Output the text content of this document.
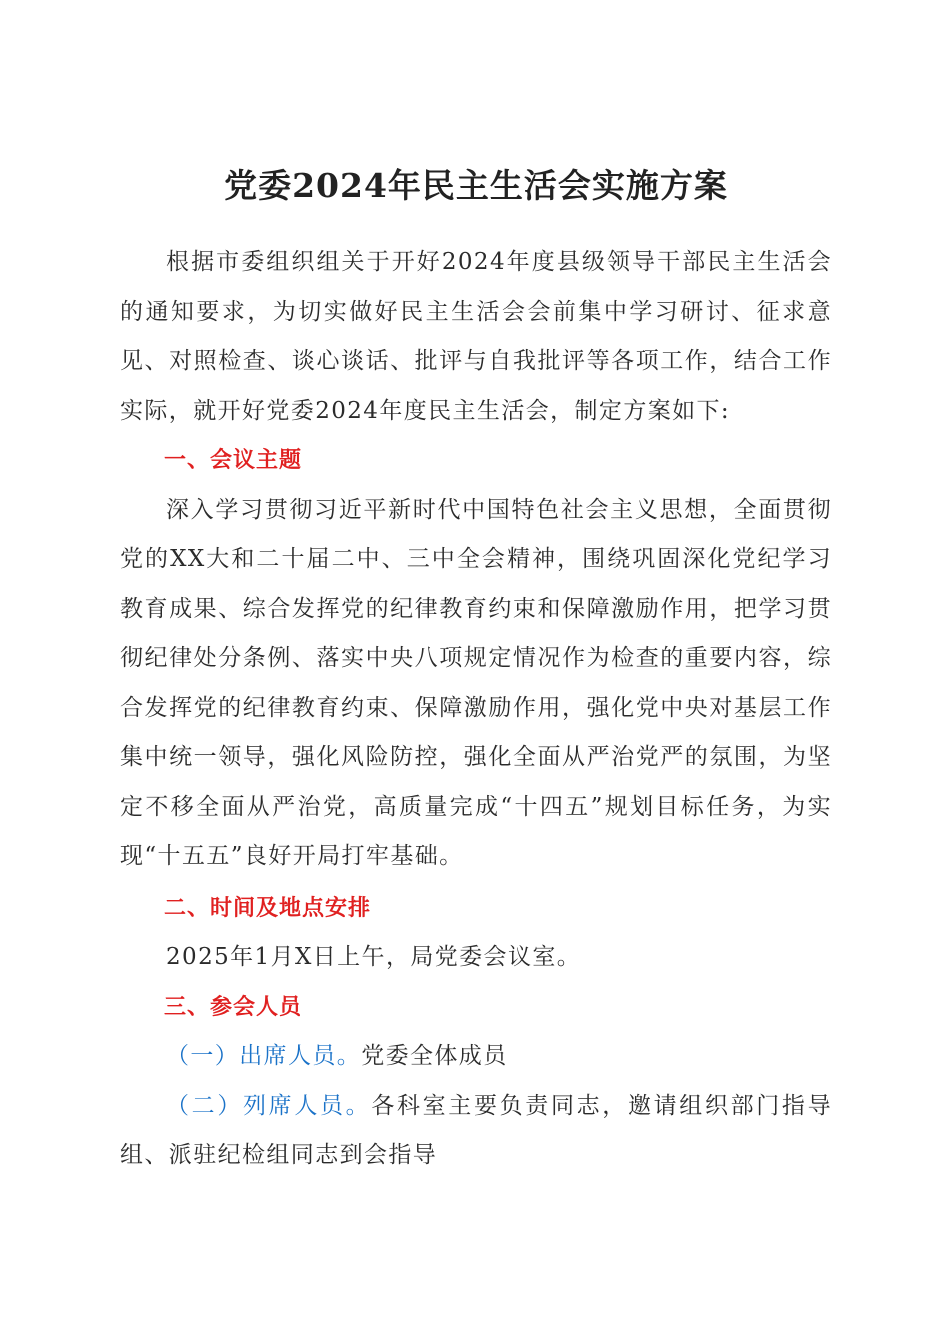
党委2024年民主生活会实施方案

根据市委组织组关于开好2024年度县级领导干部民主生活会的通知要求，为切实做好民主生活会会前集中学习研讨、征求意见、对照检查、谈心谈话、批评与自我批评等各项工作，结合工作实际，就开好党委2024年度民主生活会，制定方案如下:

一、会议主题

深入学习贯彻习近平新时代中国特色社会主义思想，全面贯彻党的XX大和二十届二中、三中全会精神，围绕巩固深化党纪学习教育成果、综合发挥党的纪律教育约束和保障激励作用，把学习贯彻纪律处分条例、落实中央八项规定情况作为检查的重要内容，综合发挥党的纪律教育约束、保障激励作用，强化党中央对基层工作集中统一领导，强化风险防控，强化全面从严治党严的氛围，为坚定不移全面从严治党，高质量完成“十四五”规划目标任务，为实现“十五五”良好开局打牢基础。

二、时间及地点安排

2025年1月X日上午，局党委会议室。

三、参会人员

（一）出席人员。党委全体成员

（二）列席人员。各科室主要负责同志，邀请组织部门指导组、派驻纪检组同志到会指导
